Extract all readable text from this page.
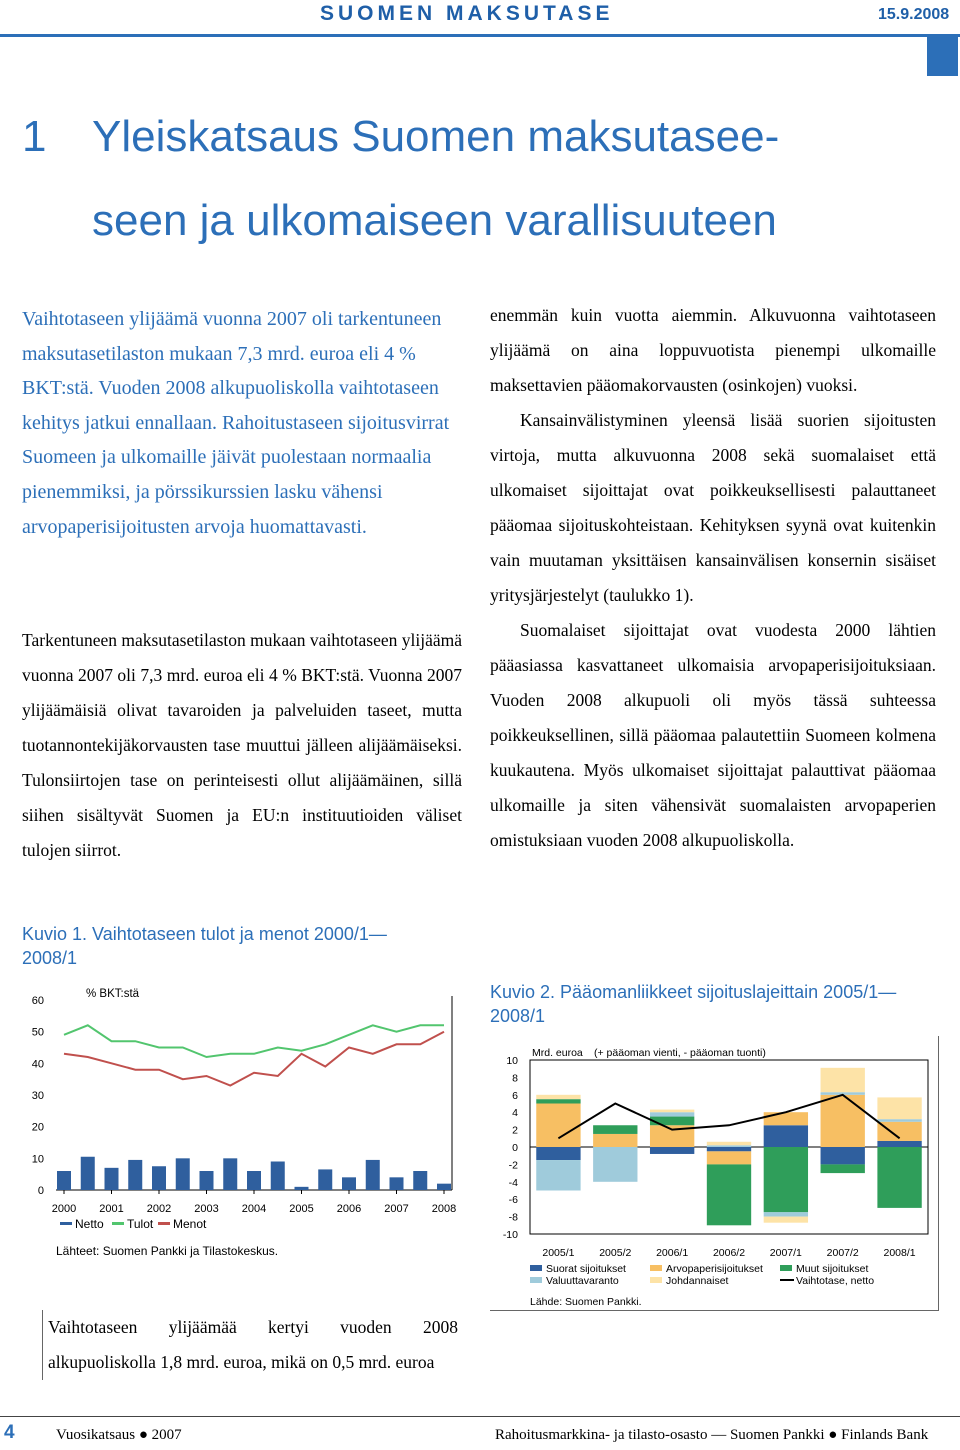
SUOMEN MAKSUTASE	15.9.2008
1 Yleiskatsaus Suomen maksutasee-
seen ja ulkomaiseen varallisuuteen
Vaihtotaseen ylijäämä vuonna 2007 oli tarkentuneen maksutasetilaston mukaan 7,3 mrd. euroa eli 4 % BKT:stä. Vuoden 2008 alkupuoliskolla vaihtotaseen kehitys jatkui ennallaan. Rahoitustaseen sijoitusvirrat Suomeen ja ulkomaille jäivät puolestaan normaalia pienemmiksi, ja pörssikurssien lasku vähensi arvopaperisijoitusten arvoja huomattavasti.
Tarkentuneen maksutasetilaston mukaan vaihtotaseen ylijäämä vuonna 2007 oli 7,3 mrd. euroa eli 4 % BKT:stä. Vuonna 2007 ylijäämäisiä olivat tavaroiden ja palveluiden taseet, mutta tuotannontekijäkorvausten tase muuttui jälleen alijäämäiseksi. Tulonsiirtojen tase on perinteisesti ollut alijäämäinen, sillä siihen sisältyvät Suomen ja EU:n instituutioiden väliset tulojen siirrot.
Kuvio 1. Vaihtotaseen tulot ja menot 2000/1—2008/1
% BKT:stä
0
10
20
30
40
50
60
2000 2001 2002 2003 2004 2005 2006 2007 2008
Netto Tulot Menot
Lähteet: Suomen Pankki ja Tilastokeskus.
Vaihtotaseen ylijäämää kertyi vuoden 2008 alkupuoliskolla 1,8 mrd. euroa, mikä on 0,5 mrd. euroa

enemmän kuin vuotta aiemmin. Alkuvuonna vaihtotaseen ylijäämä on aina loppuvuotista pienempi ulkomaille maksettavien pääomakorvausten (osinkojen) vuoksi.

Kansainvälistyminen yleensä lisää suorien sijoitusten virtoja, mutta alkuvuonna 2008 sekä suomalaiset että ulkomaiset sijoittajat ovat poikkeuksellisesti palauttaneet pääomaa sijoituskohteistaan. Kehityksen syynä ovat kuitenkin vain muutaman yksittäisen kansainvälisen konsernin sisäiset yritysjärjestelyt (taulukko 1).

Suomalaiset sijoittajat ovat vuodesta 2000 lähtien pääasiassa kasvattaneet ulkomaisia arvopaperisijoituksiaan. Vuoden 2008 alkupuoli oli myös tässä suhteessa poikkeuksellinen, sillä pääomaa palautettiin Suomeen kolmena kuukautena. Myös ulkomaiset sijoittajat palauttivat pääomaa ulkomaille ja siten vähensivät suomalaisten arvopaperien omistuksiaan vuoden 2008 alkupuoliskolla.

Kuvio 2. Pääomanliikkeet sijoituslajeittain 2005/1—2008/1
Mrd. euroa (+ pääoman vienti, - pääoman tuonti)
10
8
6
4
2
0
-2
-4
-6
-8
-10
2005/1 2005/2 2006/1 2006/2 2007/1 2007/2 2008/1
Suorat sijoitukset	Arvopaperisijoitukset	Muut sijoitukset
Valuuttavaranto	Johdannaiset	Vaihtotase, netto
Lähde: Suomen Pankki.
4	Vuosikatsaus ● 2007	Rahoitusmarkkina- ja tilasto-osasto — Suomen Pankki ● Finlands Bank
